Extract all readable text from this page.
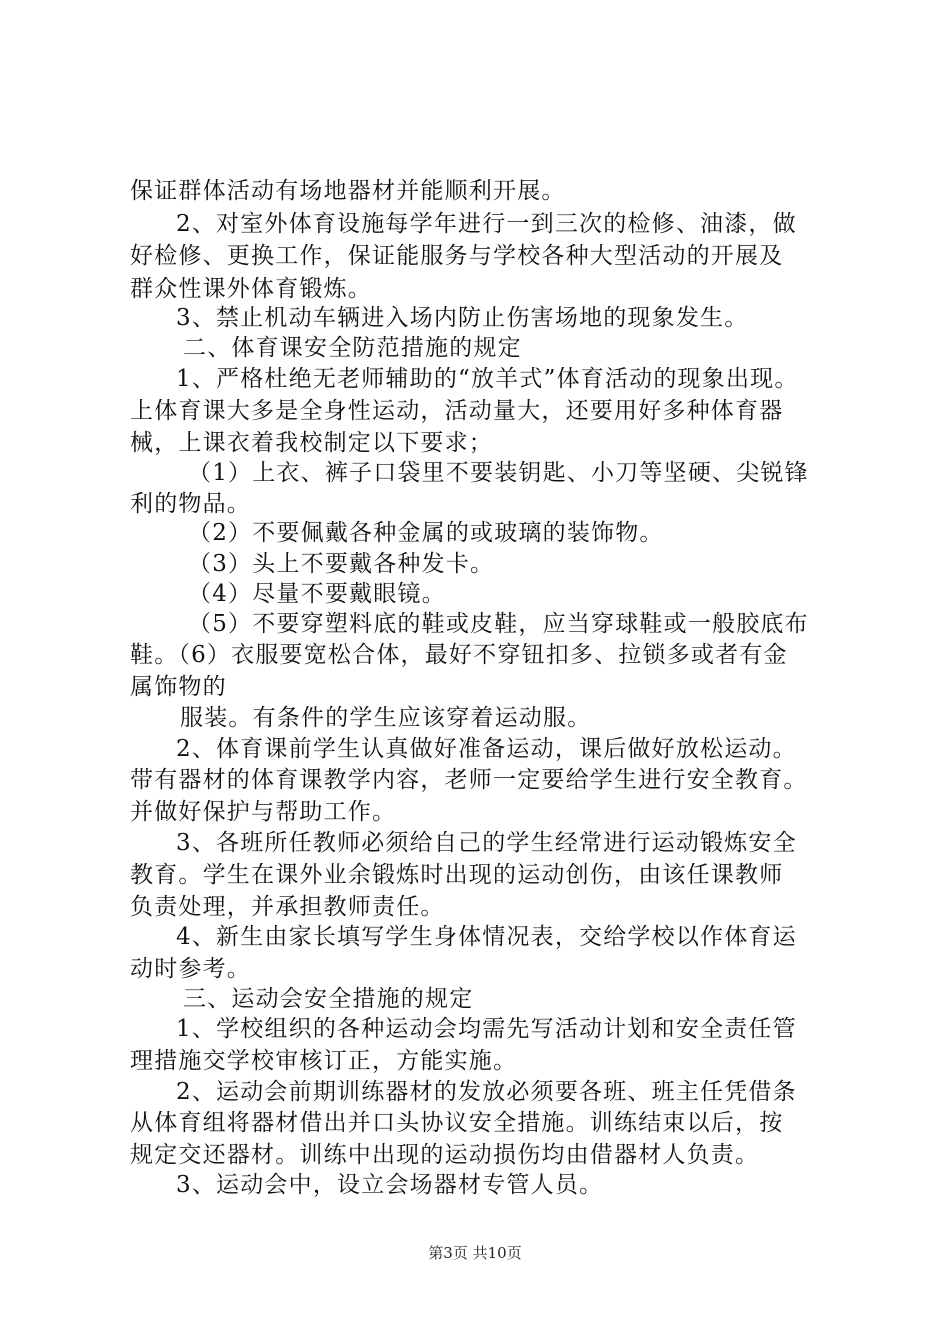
保证群体活动有场地器材并能顺利开展。
2、对室外体育设施每学年进行一到三次的检修、油漆，做
好检修、更换工作，保证能服务与学校各种大型活动的开展及
群众性课外体育锻炼。
3、禁止机动车辆进入场内防止伤害场地的现象发生。
二、体育课安全防范措施的规定
1、严格杜绝无老师辅助的“放羊式”体育活动的现象出现。
上体育课大多是全身性运动，活动量大，还要用好多种体育器
械，上课衣着我校制定以下要求；
（1）上衣、裤子口袋里不要装钥匙、小刀等坚硬、尖锐锋
利的物品。
（2）不要佩戴各种金属的或玻璃的装饰物。
（3）头上不要戴各种发卡。
（4）尽量不要戴眼镜。
（5）不要穿塑料底的鞋或皮鞋，应当穿球鞋或一般胶底布
鞋。（6）衣服要宽松合体，最好不穿钮扣多、拉锁多或者有金
属饰物的
服装。有条件的学生应该穿着运动服。
2、体育课前学生认真做好准备运动，课后做好放松运动。
带有器材的体育课教学内容，老师一定要给学生进行安全教育。
并做好保护与帮助工作。
3、各班所任教师必须给自己的学生经常进行运动锻炼安全
教育。学生在课外业余锻炼时出现的运动创伤，由该任课教师
负责处理，并承担教师责任。
4、新生由家长填写学生身体情况表，交给学校以作体育运
动时参考。
三、运动会安全措施的规定
1、学校组织的各种运动会均需先写活动计划和安全责任管
理措施交学校审核订正，方能实施。
2、运动会前期训练器材的发放必须要各班、班主任凭借条
从体育组将器材借出并口头协议安全措施。训练结束以后，按
规定交还器材。训练中出现的运动损伤均由借器材人负责。
3、运动会中，设立会场器材专管人员。
第3页 共10页
